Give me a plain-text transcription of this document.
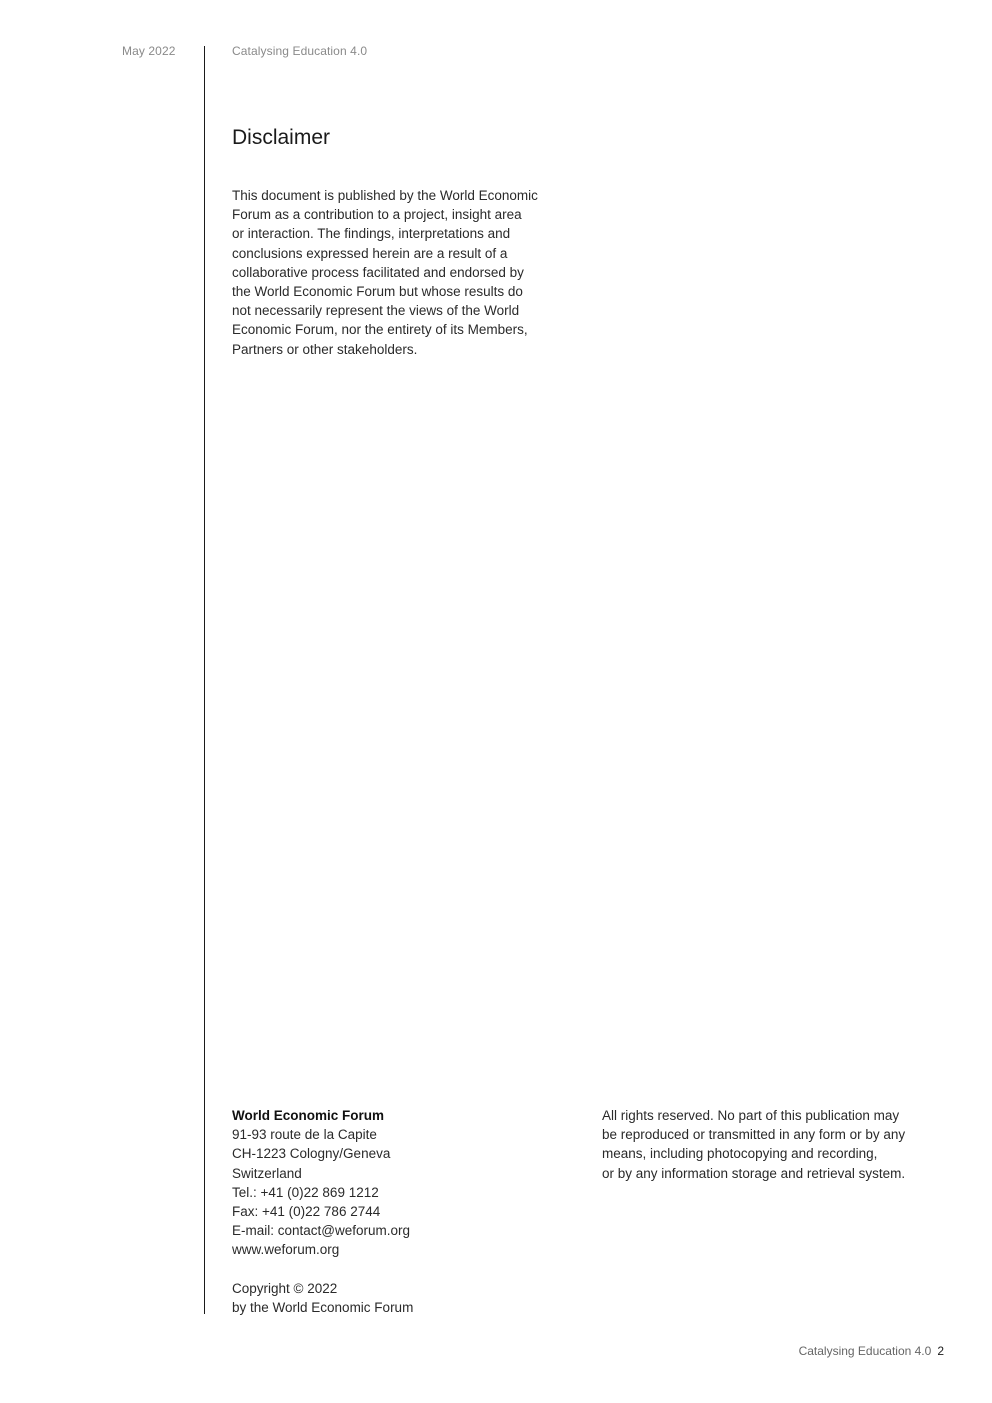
May 2022	Catalysing Education 4.0
Disclaimer
This document is published by the World Economic
Forum as a contribution to a project, insight area
or interaction. The findings, interpretations and
conclusions expressed herein are a result of a
collaborative process facilitated and endorsed by
the World Economic Forum but whose results do
not necessarily represent the views of the World
Economic Forum, nor the entirety of its Members,
Partners or other stakeholders.
World Economic Forum
91-93 route de la Capite
CH-1223 Cologny/Geneva
Switzerland
Tel.: +41 (0)22 869 1212
Fax: +41 (0)22 786 2744
E-mail: contact@weforum.org
www.weforum.org
Copyright © 2022
by the World Economic Forum
All rights reserved. No part of this publication may
be reproduced or transmitted in any form or by any
means, including photocopying and recording,
or by any information storage and retrieval system.
Catalysing Education 4.0 2
